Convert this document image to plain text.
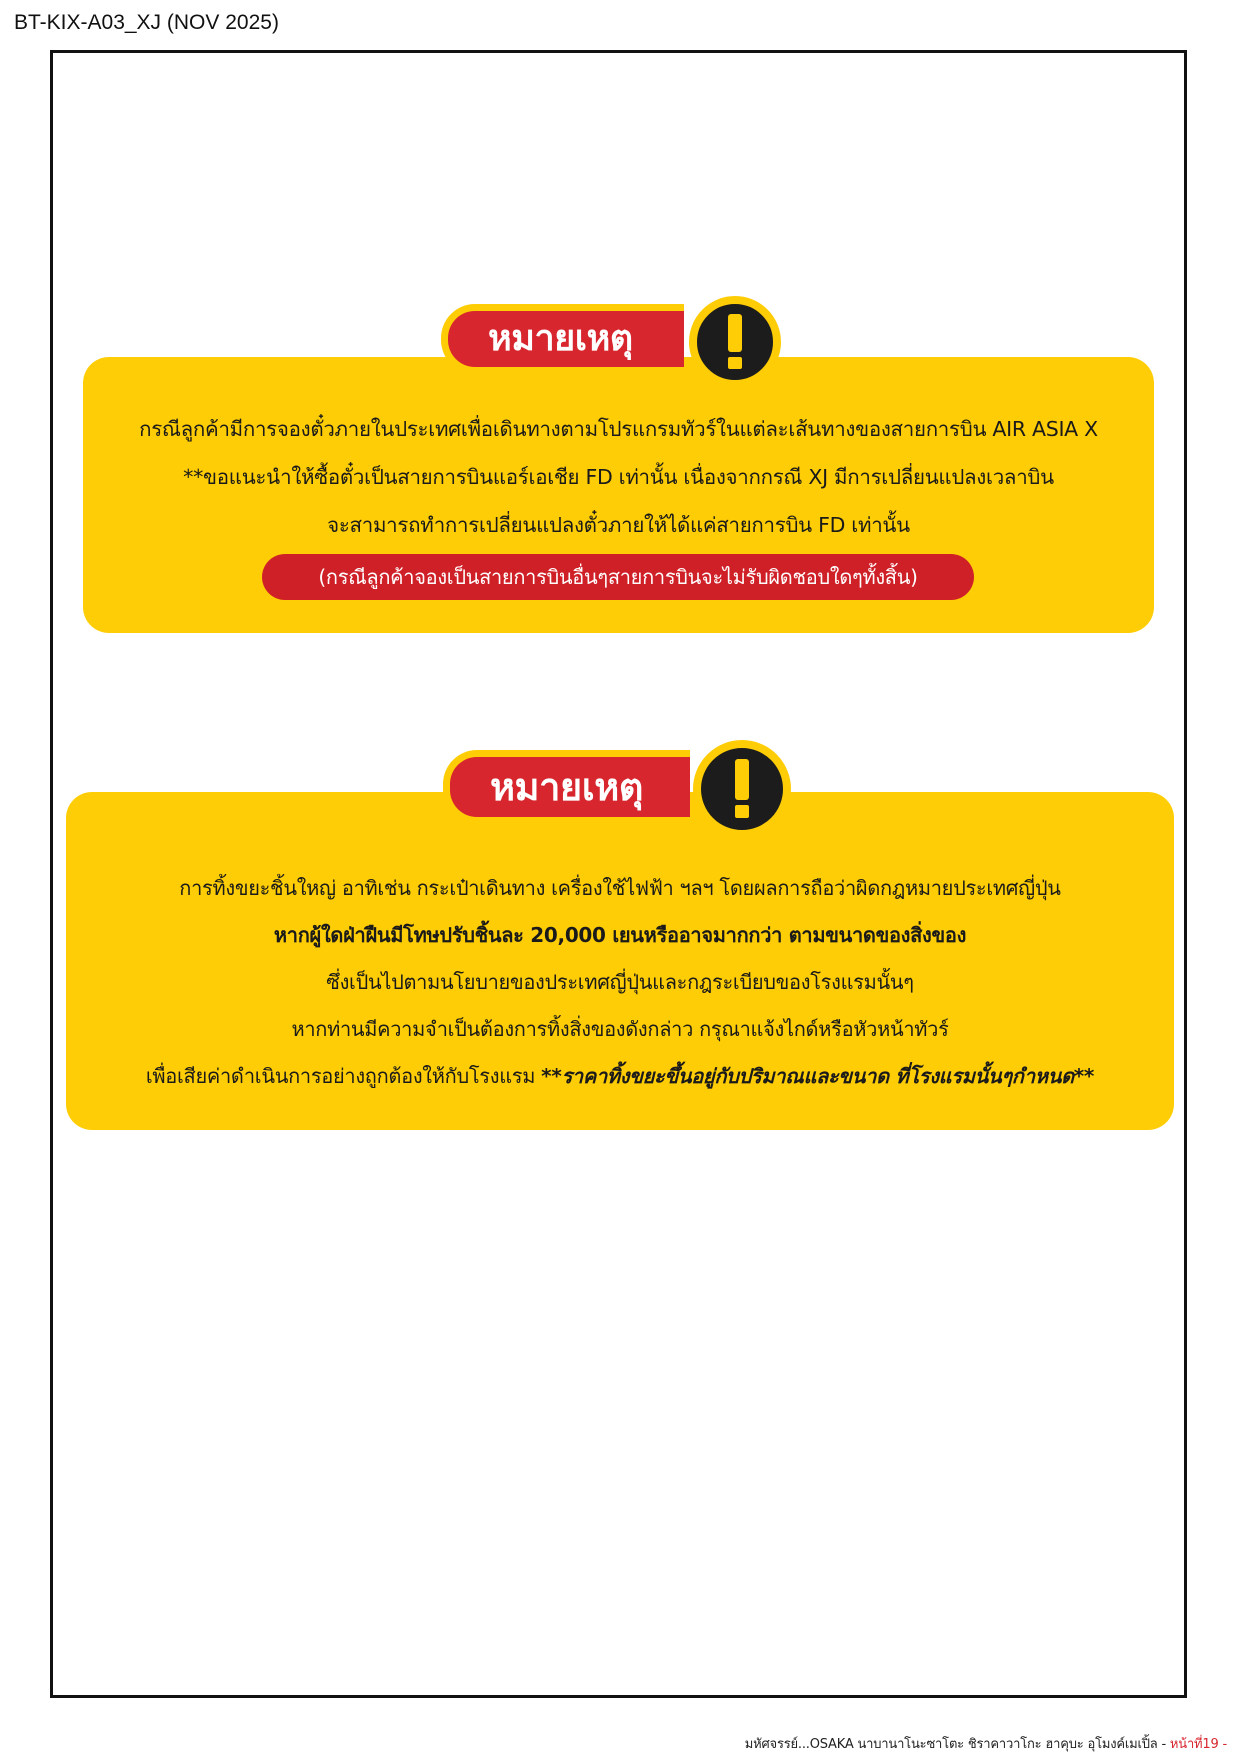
BT-KIX-A03_XJ (NOV 2025)
กรณีลูกค้ามีการจองตั๋วภายในประเทศเพื่อเดินทางตามโปรแกรมทัวร์ในแต่ละเส้นทางของสายการบิน AIR ASIA X
**ขอแนะนำให้ซื้อตั๋วเป็นสายการบินแอร์เอเชีย FD เท่านั้น เนื่องจากกรณี XJ มีการเปลี่ยนแปลงเวลาบิน
จะสามารถทำการเปลี่ยนแปลงตั๋วภายให้ได้แค่สายการบิน FD เท่านั้น
(กรณีลูกค้าจองเป็นสายการบินอื่นๆสายการบินจะไม่รับผิดชอบใดๆทั้งสิ้น)
หมายเหตุ
การทิ้งขยะชิ้นใหญ่ อาทิเช่น กระเป๋าเดินทาง เครื่องใช้ไฟฟ้า ฯลฯ โดยผลการถือว่าผิดกฎหมายประเทศญี่ปุ่น
หากผู้ใดฝ่าฝืนมีโทษปรับชิ้นละ 20,000 เยนหรืออาจมากกว่า ตามขนาดของสิ่งของ
ซึ่งเป็นไปตามนโยบายของประเทศญี่ปุ่นและกฎระเบียบของโรงแรมนั้นๆ
หากท่านมีความจำเป็นต้องการทิ้งสิ่งของดังกล่าว กรุณาแจ้งไกด์หรือหัวหน้าทัวร์
เพื่อเสียค่าดำเนินการอย่างถูกต้องให้กับโรงแรม **ราคาทิ้งขยะขึ้นอยู่กับปริมาณและขนาด ที่โรงแรมนั้นๆกำหนด**
หมายเหตุ
มหัศจรรย์...OSAKA นาบานาโนะซาโตะ ชิราคาวาโกะ ฮาคุบะ อุโมงค์เมเปิ้ล - หน้าที่19 -
